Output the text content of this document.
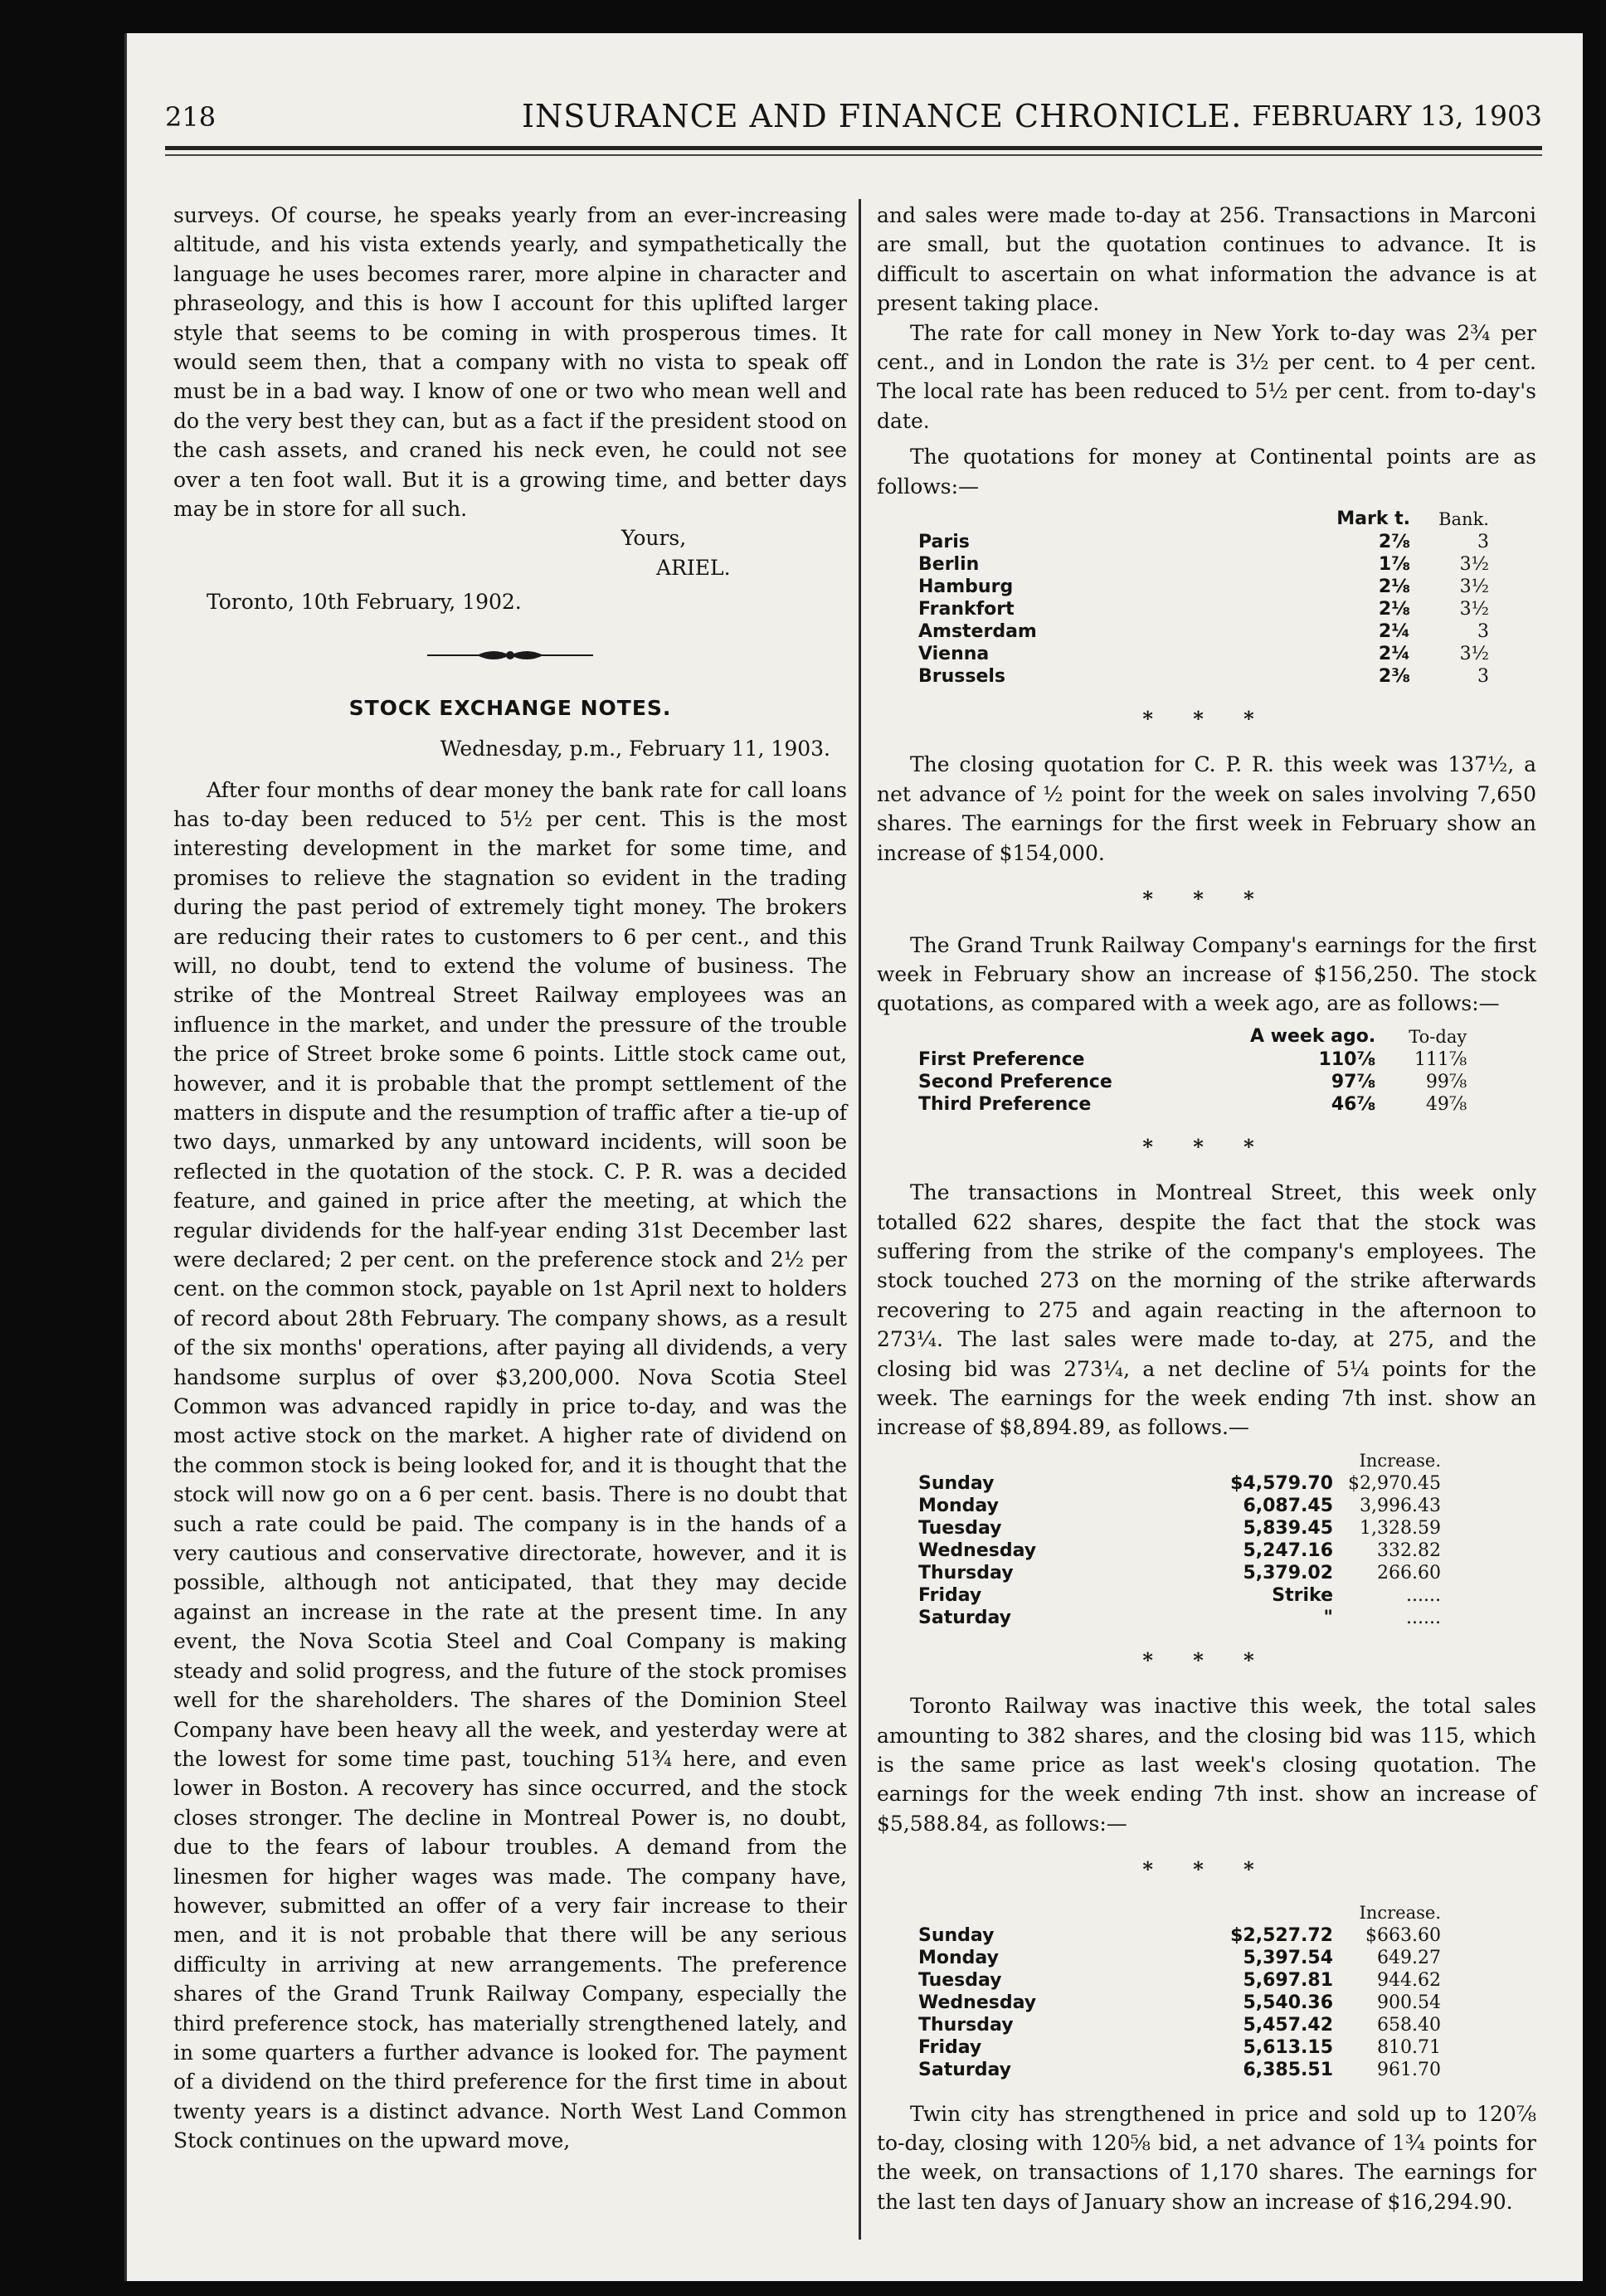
218	INSURANCE AND FINANCE CHRONICLE. FEBRUARY 13, 1903

surveys. Of course, he speaks yearly from an ever-increasing altitude, and his vista extends yearly, and sympathetically the language he uses becomes rarer, more alpine in character and phraseology, and this is how I account for this uplifted larger style that seems to be coming in with prosperous times. It would seem then, that a company with no vista to speak off must be in a bad way. I know of one or two who mean well and do the very best they can, but as a fact if the president stood on the cash assets, and craned his neck even, he could not see over a ten foot wall. But it is a growing time, and better days may be in store for all such.

Yours,

ARIEL.

Toronto, 10th February, 1902.

STOCK EXCHANGE NOTES.

Wednesday, p.m., February 11, 1903.

After four months of dear money the bank rate for call loans has to-day been reduced to 5½ per cent. This is the most interesting development in the market for some time, and promises to relieve the stagnation so evident in the trading during the past period of extremely tight money. The brokers are reducing their rates to customers to 6 per cent., and this will, no doubt, tend to extend the volume of business. The strike of the Montreal Street Railway employees was an influence in the market, and under the pressure of the trouble the price of Street broke some 6 points. Little stock came out, however, and it is probable that the prompt settlement of the matters in dispute and the resumption of traffic after a tie-up of two days, unmarked by any untoward incidents, will soon be reflected in the quotation of the stock. C. P. R. was a decided feature, and gained in price after the meeting, at which the regular dividends for the half-year ending 31st December last were declared; 2 per cent. on the preference stock and 2½ per cent. on the common stock, payable on 1st April next to holders of record about 28th February. The company shows, as a result of the six months' operations, after paying all dividends, a very handsome surplus of over $3,200,000. Nova Scotia Steel Common was advanced rapidly in price to-day, and was the most active stock on the market. A higher rate of dividend on the common stock is being looked for, and it is thought that the stock will now go on a 6 per cent. basis. There is no doubt that such a rate could be paid. The company is in the hands of a very cautious and conservative directorate, however, and it is possible, although not anticipated, that they may decide against an increase in the rate at the present time. In any event, the Nova Scotia Steel and Coal Company is making steady and solid progress, and the future of the stock promises well for the shareholders. The shares of the Dominion Steel Company have been heavy all the week, and yesterday were at the lowest for some time past, touching 51¾ here, and even lower in Boston. A recovery has since occurred, and the stock closes stronger. The decline in Montreal Power is, no doubt, due to the fears of labour troubles. A demand from the linesmen for higher wages was made. The company have, however, submitted an offer of a very fair increase to their men, and it is not probable that there will be any serious difficulty in arriving at new arrangements. The preference shares of the Grand Trunk Railway Company, especially the third preference stock, has materially strengthened lately, and in some quarters a further advance is looked for. The payment of a dividend on the third preference for the first time in about twenty years is a distinct advance. North West Land Common Stock continues on the upward move,

and sales were made to-day at 256. Transactions in Marconi are small, but the quotation continues to advance. It is difficult to ascertain on what information the advance is at present taking place.

The rate for call money in New York to-day was 2¾ per cent., and in London the rate is 3½ per cent. to 4 per cent. The local rate has been reduced to 5½ per cent. from to-day's date.

The quotations for money at Continental points are as follows:—

	Mark t.	Bank.
Paris	2⅞	3
Berlin	1⅞	3½
Hamburg	2⅛	3½
Frankfort	2⅛	3½
Amsterdam	2¼	3
Vienna	2¼	3½
Brussels	2⅜	3
* * *

The closing quotation for C. P. R. this week was 137½, a net advance of ½ point for the week on sales involving 7,650 shares. The earnings for the first week in February show an increase of $154,000.

* * *

The Grand Trunk Railway Company's earnings for the first week in February show an increase of $156,250. The stock quotations, as compared with a week ago, are as follows:—

	A week ago.	To-day
First Preference	110⅞	111⅞
Second Preference	97⅞	99⅞
Third Preference	46⅞	49⅞
* * *

The transactions in Montreal Street, this week only totalled 622 shares, despite the fact that the stock was suffering from the strike of the company's employees. The stock touched 273 on the morning of the strike afterwards recovering to 275 and again reacting in the afternoon to 273¼. The last sales were made to-day, at 275, and the closing bid was 273¼, a net decline of 5¼ points for the week. The earnings for the week ending 7th inst. show an increase of $8,894.89, as follows.—

		Increase.
Sunday	$4,579.70	$2,970.45
Monday	6,087.45	3,996.43
Tuesday	5,839.45	1,328.59
Wednesday	5,247.16	332.82
Thursday	5,379.02	266.60
Friday	Strike	......
Saturday	"	......
* * *

Toronto Railway was inactive this week, the total sales amounting to 382 shares, and the closing bid was 115, which is the same price as last week's closing quotation. The earnings for the week ending 7th inst. show an increase of $5,588.84, as follows:—

* * *
		Increase.
Sunday	$2,527.72	$663.60
Monday	5,397.54	649.27
Tuesday	5,697.81	944.62
Wednesday	5,540.36	900.54
Thursday	5,457.42	658.40
Friday	5,613.15	810.71
Saturday	6,385.51	961.70

Twin city has strengthened in price and sold up to 120⅞ to-day, closing with 120⅝ bid, a net advance of 1¾ points for the week, on transactions of 1,170 shares. The earnings for the last ten days of January show an increase of $16,294.90.
